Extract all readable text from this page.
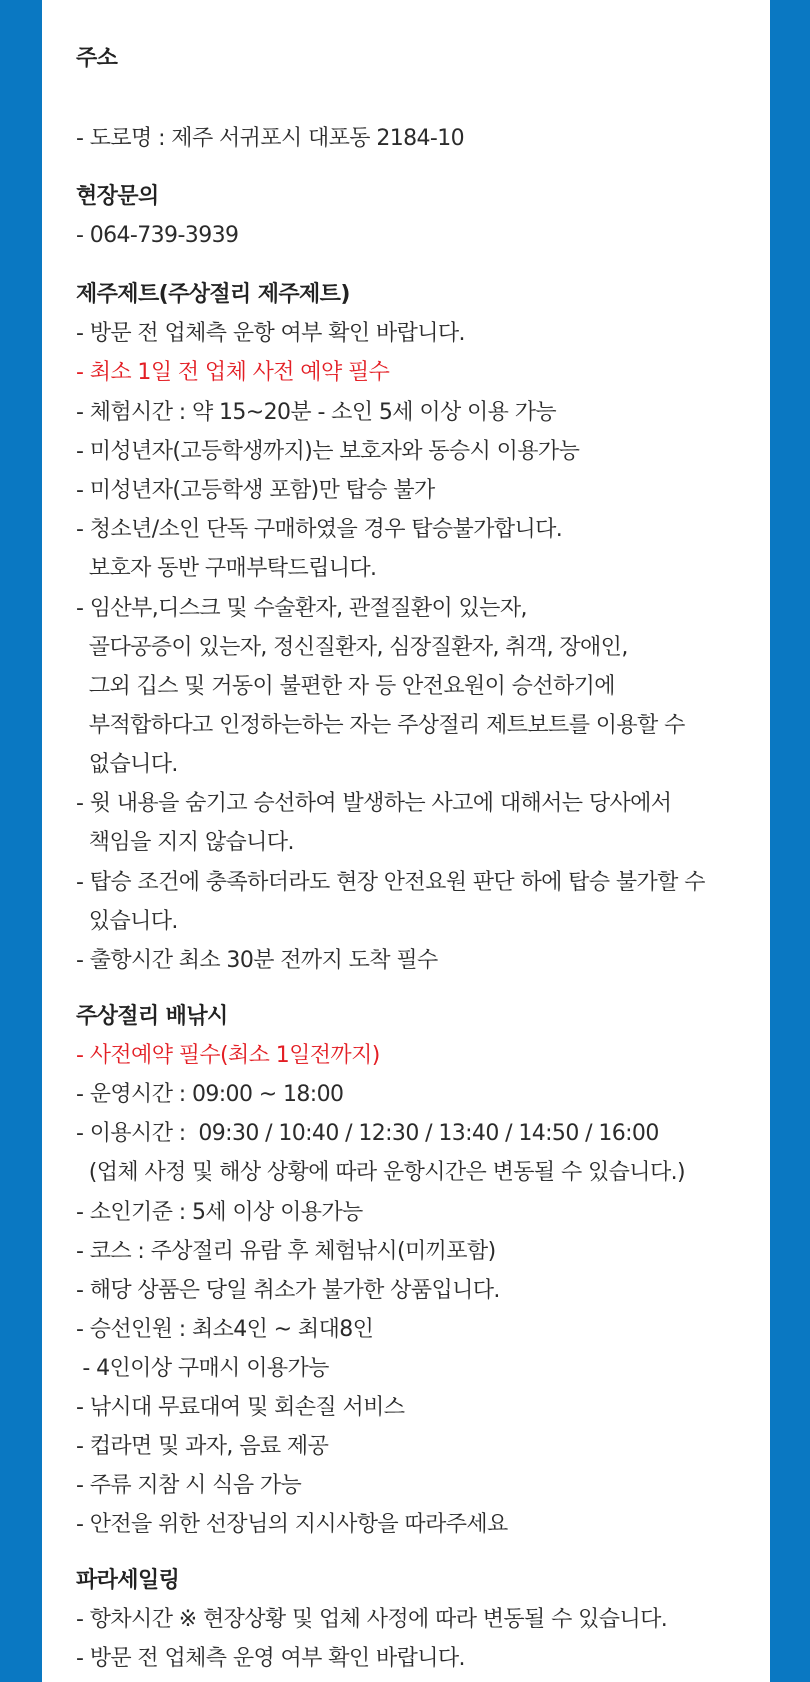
주소
- 도로명 : 제주 서귀포시 대포동 2184-10
현장문의
- 064-739-3939
제주제트(주상절리 제주제트)
- 방문 전 업체측 운항 여부 확인 바랍니다.
- 최소 1일 전 업체 사전 예약 필수
- 체험시간 : 약 15~20분 - 소인 5세 이상 이용 가능
- 미성년자(고등학생까지)는 보호자와 동승시 이용가능
- 미성년자(고등학생 포함)만 탑승 불가
- 청소년/소인 단독 구매하였을 경우 탑승불가합니다.
보호자 동반 구매부탁드립니다.
- 임산부,디스크 및 수술환자, 관절질환이 있는자,
골다공증이 있는자, 정신질환자, 심장질환자, 취객, 장애인,
그외 깁스 및 거동이 불편한 자 등 안전요원이 승선하기에
부적합하다고 인정하는하는 자는 주상절리 제트보트를 이용할 수
없습니다.
- 윗 내용을 숨기고 승선하여 발생하는 사고에 대해서는 당사에서
책임을 지지 않습니다.
- 탑승 조건에 충족하더라도 현장 안전요원 판단 하에 탑승 불가할 수
있습니다.
- 출항시간 최소 30분 전까지 도착 필수
주상절리 배낚시
- 사전예약 필수(최소 1일전까지)
- 운영시간 : 09:00 ~ 18:00
- 이용시간 :  09:30 / 10:40 / 12:30 / 13:40 / 14:50 / 16:00
(업체 사정 및 해상 상황에 따라 운항시간은 변동될 수 있습니다.)
- 소인기준 : 5세 이상 이용가능
- 코스 : 주상절리 유람 후 체험낚시(미끼포함)
- 해당 상품은 당일 취소가 불가한 상품입니다.
- 승선인원 : 최소4인 ~ 최대8인
- 4인이상 구매시 이용가능
- 낚시대 무료대여 및 회손질 서비스
- 컵라면 및 과자, 음료 제공
- 주류 지참 시 식음 가능
- 안전을 위한 선장님의 지시사항을 따라주세요
파라세일링
- 항차시간 ※ 현장상황 및 업체 사정에 따라 변동될 수 있습니다.
- 방문 전 업체측 운영 여부 확인 바랍니다.
